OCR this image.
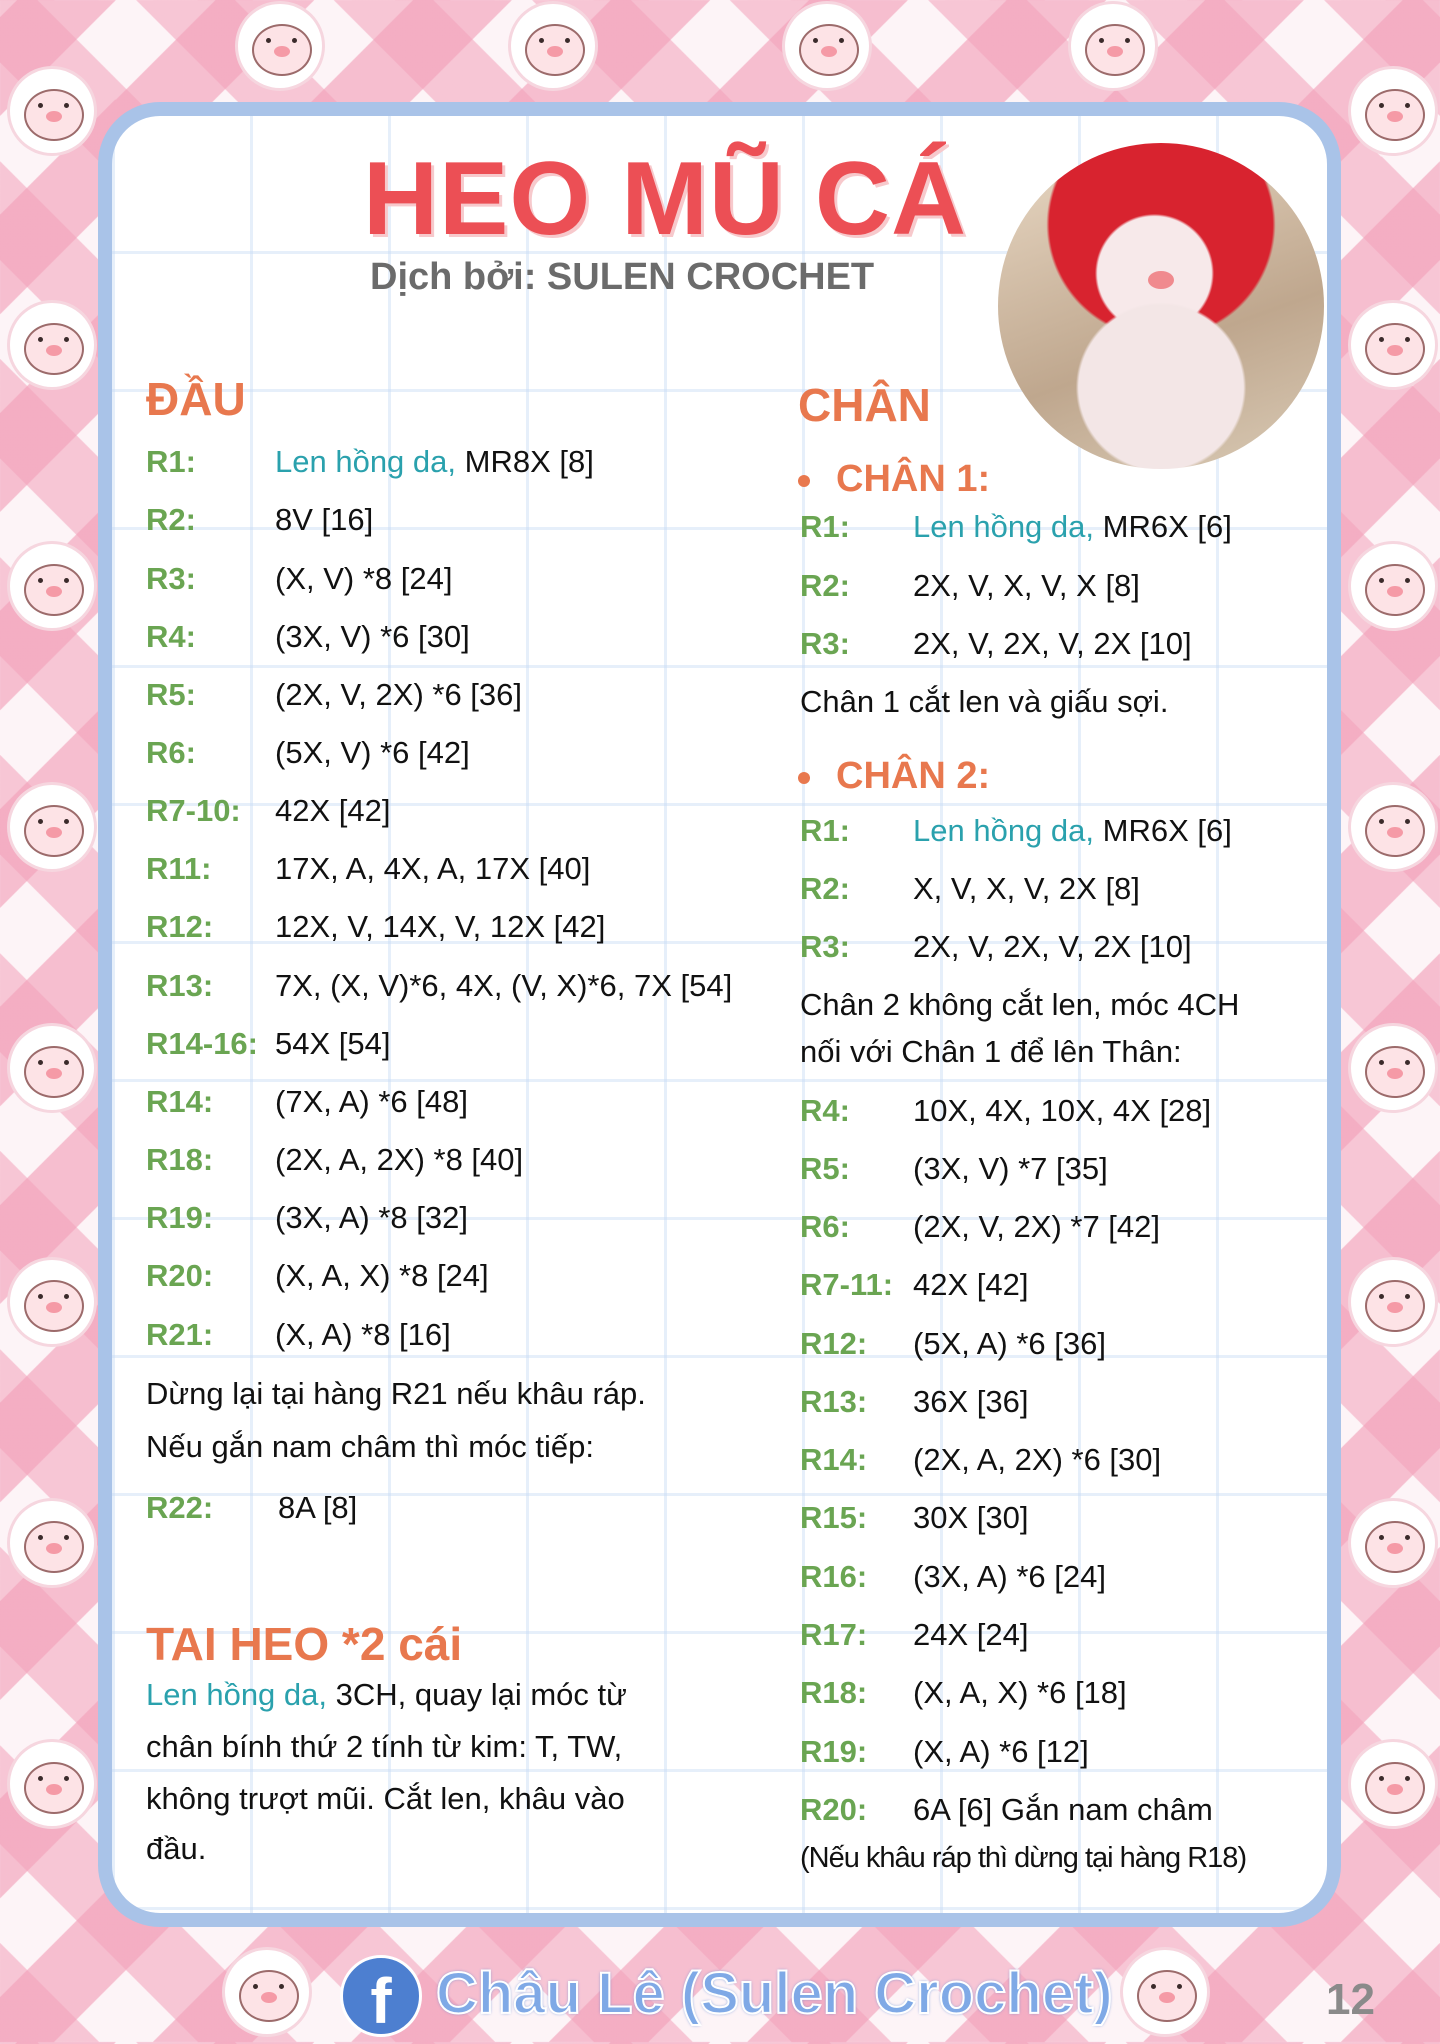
HEO MŨ CÁ
Dịch bởi: SULEN CROCHET
ĐẦU
R1:	Len hồng da, MR8X [8]
R2:	8V [16]
R3:	(X, V) *8 [24]
R4:	(3X, V) *6 [30]
R5:	(2X, V, 2X) *6 [36]
R6:	(5X, V) *6 [42]
R7-10: 42X [42]
R11: 17X, A, 4X, A, 17X [40]
R12: 12X, V, 14X, V, 12X [42]
R13: 7X, (X, V)*6, 4X, (V, X)*6, 7X [54]
R14-16: 54X [54]
R14: (7X, A) *6 [48]
R18: (2X, A, 2X) *8 [40]
R19: (3X, A) *8 [32]
R20: (X, A, X) *8 [24]
R21: (X, A) *8 [16]
Dừng lại tại hàng R21 nếu khâu ráp.
Nếu gắn nam châm thì móc tiếp:
R22: 8A [8]
TAI HEO *2 cái
Len hồng da, 3CH, quay lại móc từ
chân bính thứ 2 tính từ kim: T, TW,
không trượt mũi. Cắt len, khâu vào
đầu.
CHÂN
CHÂN 1:
CHÂN 2:
R1: Len hồng da, MR6X [6]
R2: 2X, V, X, V, X [8]
R3: 2X, V, 2X, V, 2X [10]
Chân 1 cắt len và giấu sợi.
R1: Len hồng da, MR6X [6]
R2: X, V, X, V, 2X [8]
R3: 2X, V, 2X, V, 2X [10]
Chân 2 không cắt len, móc 4CH
nối với Chân 1 để lên Thân:
R4: 10X, 4X, 10X, 4X [28]
R5: (3X, V) *7 [35]
R6: (2X, V, 2X) *7 [42]
R7-11: 42X [42]
R12: (5X, A) *6 [36]
R13: 36X [36]
R14: (2X, A, 2X) *6 [30]
R15: 30X [30]
R16: (3X, A) *6 [24]
R17: 24X [24]
R18: (X, A, X) *6 [18]
R19: (X, A) *6 [12]
R20: 6A [6] Gắn nam châm
(Nếu khâu ráp thì dừng tại hàng R18)
f Châu Lê (Sulen Crochet)	12
